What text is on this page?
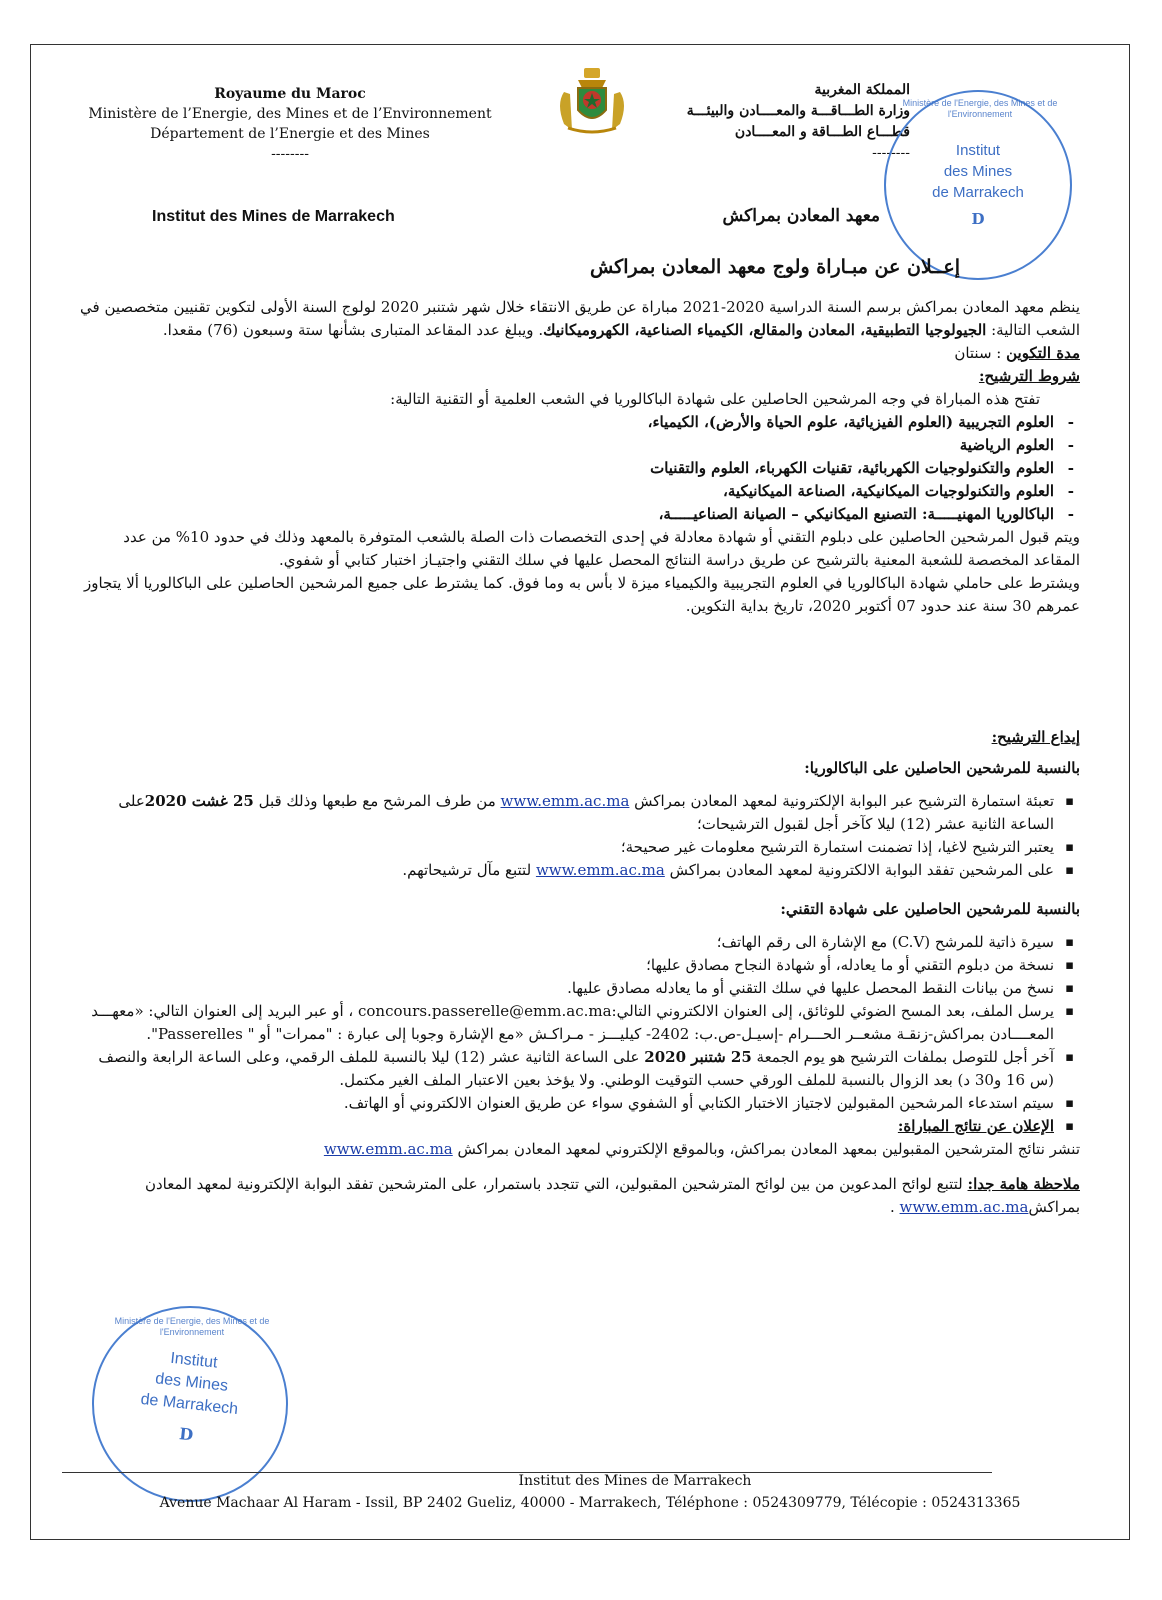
Royaume du Maroc
Ministère de l’Energie, des Mines et de l’Environnement
Département de l’Energie et des Mines
--------
المملكة المغربية
وزارة الطـــاقـــة والمعــــادن والبيئـــة
قطـــاع الطـــاقة و المعــــادن
--------	Institut
des Mines
de Marrakech
D
Ministère de l'Energie, des Mines et de l'Environnement
Institut des Mines de Marrakech	معهد المعادن بمراكش
إعــلان عن مبـاراة ولوج معهد المعادن بمراكش
ينظم معهد المعادن بمراكش برسم السنة الدراسية 2020-2021 مباراة عن طريق الانتقاء خلال شهر شتنبر 2020 لولوج السنة الأولى لتكوين تقنيين متخصصين في الشعب التالية: الجيولوجيا التطبيقية، المعادن والمقالع، الكيمياء الصناعية، الكهروميكانيك. ويبلغ عدد المقاعد المتبارى بشأنها ستة وسبعون (76) مقعدا.
مدة التكوين : سنتان
شروط الترشيح:
تفتح هذه المباراة في وجه المرشحين الحاصلين على شهادة الباكالوريا في الشعب العلمية أو التقنية التالية:
- العلوم التجريبية (العلوم الفيزيائية، علوم الحياة والأرض)، الكيمياء،
- العلوم الرياضية
- العلوم والتكنولوجيات الكهربائية، تقنيات الكهرباء، العلوم والتقنيات
- العلوم والتكنولوجيات الميكانيكية، الصناعة الميكانيكية،
- الباكالوريا المهنيـــــة: التصنيع الميكانيكي – الصيانة الصناعيـــــة،
ويتم قبول المرشحين الحاصلين على دبلوم التقني أو شهادة معادلة في إحدى التخصصات ذات الصلة بالشعب المتوفرة بالمعهد وذلك في حدود 10% من عدد المقاعد المخصصة للشعبة المعنية بالترشيح عن طريق دراسة النتائج المحصل عليها في سلك التقني واجتيـاز اختبار كتابي أو شفوي.
ويشترط على حاملي شهادة الباكالوريا في العلوم التجريبية والكيمياء ميزة لا بأس به وما فوق. كما يشترط على جميع المرشحين الحاصلين على الباكالوريا ألا يتجاوز عمرهم 30 سنة عند حدود 07 أكتوبر 2020، تاريخ بداية التكوين.
إيداع الترشيح:
بالنسبة للمرشحين الحاصلين على الباكالوريا:
▪ تعبئة استمارة الترشيح عبر البوابة الإلكترونية لمعهد المعادن بمراكش www.emm.ac.ma من طرف المرشح مع طبعها وذلك قبل 25 غشت 2020على الساعة الثانية عشر (12) ليلا كآخر أجل لقبول الترشيحات؛
▪ يعتبر الترشيح لاغيا، إذا تضمنت استمارة الترشيح معلومات غير صحيحة؛
▪ على المرشحين تفقد البوابة الالكترونية لمعهد المعادن بمراكش www.emm.ac.ma لتتبع مآل ترشيحاتهم.
بالنسبة للمرشحين الحاصلين على شهادة التقني:
▪ سيرة ذاتية للمرشح (C.V) مع الإشارة الى رقم الهاتف؛
▪ نسخة من دبلوم التقني أو ما يعادله، أو شهادة النجاح مصادق عليها؛
▪ نسخ من بيانات النقط المحصل عليها في سلك التقني أو ما يعادله مصادق عليها.
▪ يرسل الملف، بعد المسح الضوئي للوثائق، إلى العنوان الالكتروني التالي:concours.passerelle@emm.ac.ma ، أو عبر البريد إلى العنوان التالي: «معهـــد المعــــادن بمراكش-زنقـة مشعــر الحـــرام -إسيـل-ص.ب: 2402- كيليـــز - مـراكـش «مع الإشارة وجوبا إلى عبارة : "ممرات" أو " Passerelles".
▪ آخر أجل للتوصل بملفات الترشيح هو يوم الجمعة 25 شتنبر 2020 على الساعة الثانية عشر (12) ليلا بالنسبة للملف الرقمي، وعلى الساعة الرابعة والنصف (س 16 و30 د) بعد الزوال بالنسبة للملف الورقي حسب التوقيت الوطني. ولا يؤخذ بعين الاعتبار الملف الغير مكتمل.
▪ سيتم استدعاء المرشحين المقبولين لاجتياز الاختبار الكتابي أو الشفوي سواء عن طريق العنوان الالكتروني أو الهاتف.
▪ الإعلان عن نتائج المباراة:
تنشر نتائج المترشحين المقبولين بمعهد المعادن بمراكش، وبالموقع الإلكتروني لمعهد المعادن بمراكش www.emm.ac.ma
ملاحظة هامة جدا: لتتبع لوائح المدعوين من بين لوائح المترشحين المقبولين، التي تتجدد باستمرار، على المترشحين تفقد البوابة الإلكترونية لمعهد المعادن بمراكشwww.emm.ac.ma .
Institut
des Mines
de Marrakech
D
Ministère de l'Energie, des Mines et de l'Environnement
Institut des Mines de Marrakech
Avenue Machaar Al Haram - Issil, BP 2402 Gueliz, 40000 - Marrakech, Téléphone : 0524309779, Télécopie : 0524313365
